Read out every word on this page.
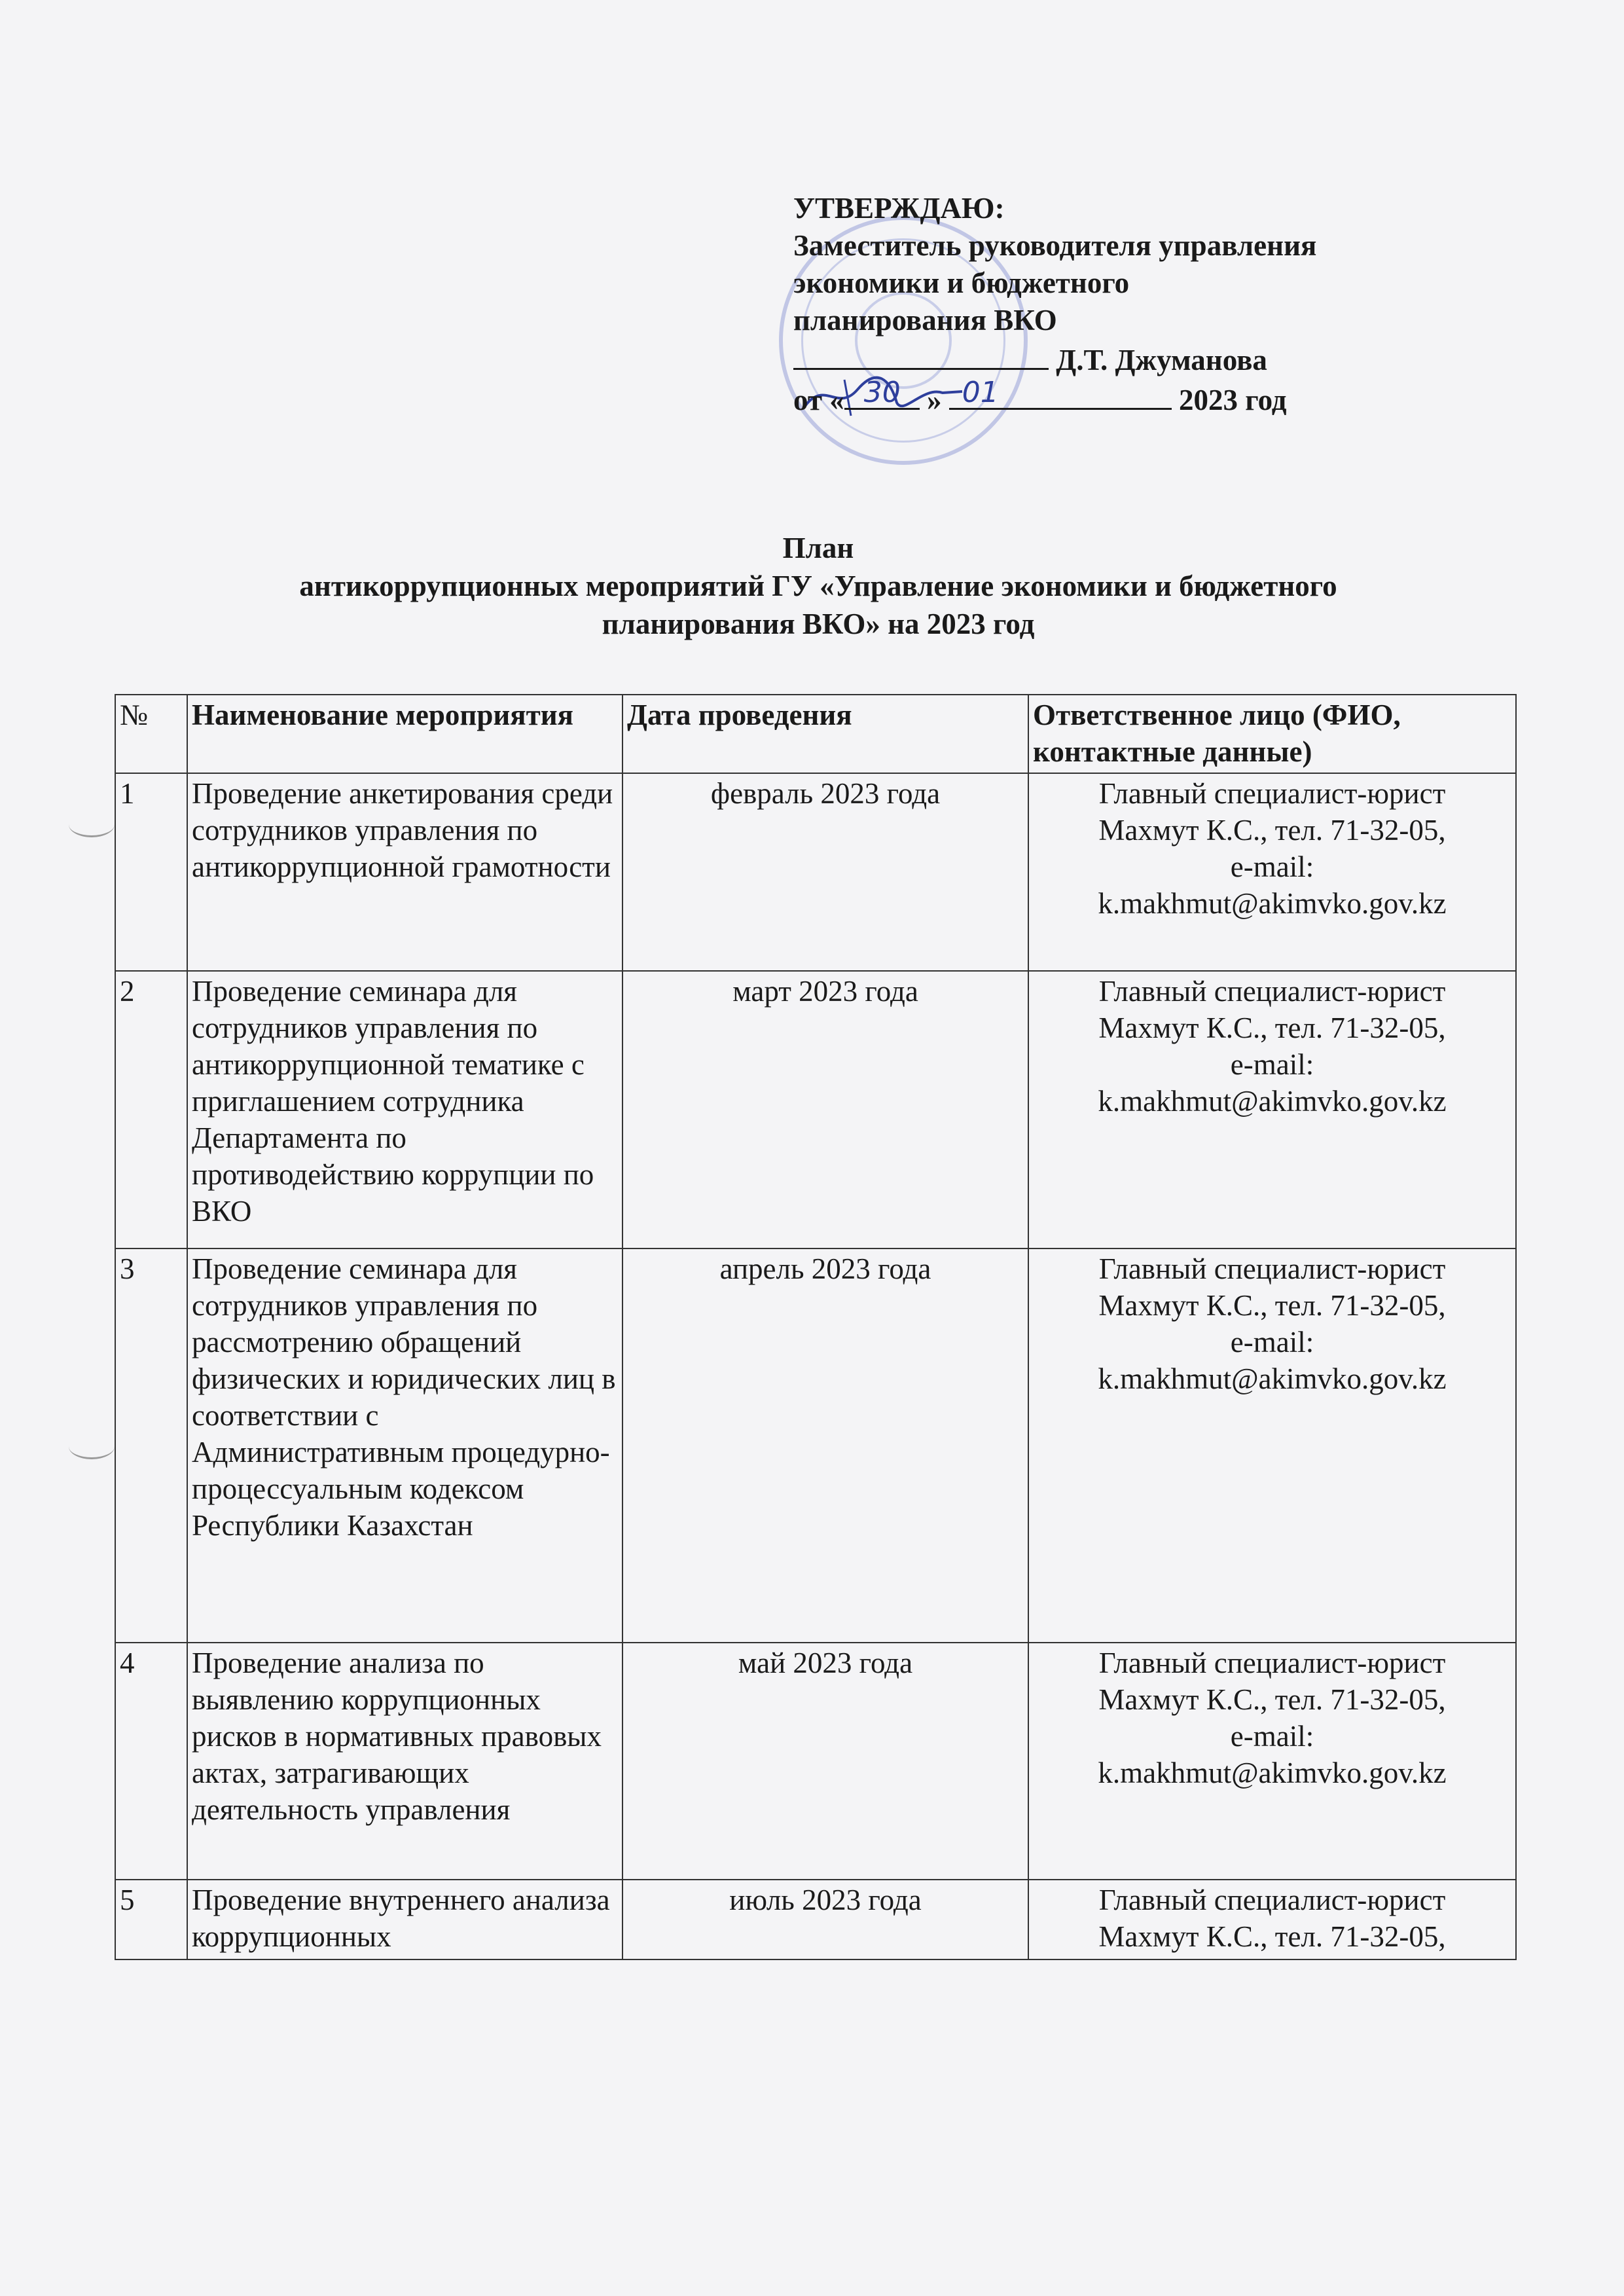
УТВЕРЖДАЮ:
Заместитель руководителя управления
экономики и бюджетного
планирования ВКО
Д.Т. Джуманова
от « 30 » 01	2023 год
План
антикоррупционных мероприятий ГУ «Управление экономики и бюджетного
планирования ВКО» на 2023 год
№	Наименование мероприятия	Дата проведения	Ответственное лицо (ФИО, контактные данные)
1	Проведение анкетирования среди сотрудников управления по антикоррупционной грамотности	февраль 2023 года	Главный специалист-юрист
Махмут К.С., тел. 71-32-05,
e-mail:
k.makhmut@akimvko.gov.kz

2	Проведение семинара для сотрудников управления по антикоррупционной тематике с приглашением сотрудника Департамента по противодействию коррупции по ВКО	март 2023 года	Главный специалист-юрист
Махмут К.С., тел. 71-32-05,
e-mail:
k.makhmut@akimvko.gov.kz

3	Проведение семинара для сотрудников управления по рассмотрению обращений физических и юридических лиц в соответствии с Административным процедурно-процессуальным кодексом Республики Казахстан	апрель 2023 года	Главный специалист-юрист
Махмут К.С., тел. 71-32-05,
e-mail:
k.makhmut@akimvko.gov.kz

4	Проведение анализа по выявлению коррупционных рисков в нормативных правовых актах, затрагивающих деятельность управления	май 2023 года	Главный специалист-юрист
Махмут К.С., тел. 71-32-05,
e-mail:
k.makhmut@akimvko.gov.kz

5	Проведение внутреннего анализа коррупционных	июль 2023 года	Главный специалист-юрист
Махмут К.С., тел. 71-32-05,
